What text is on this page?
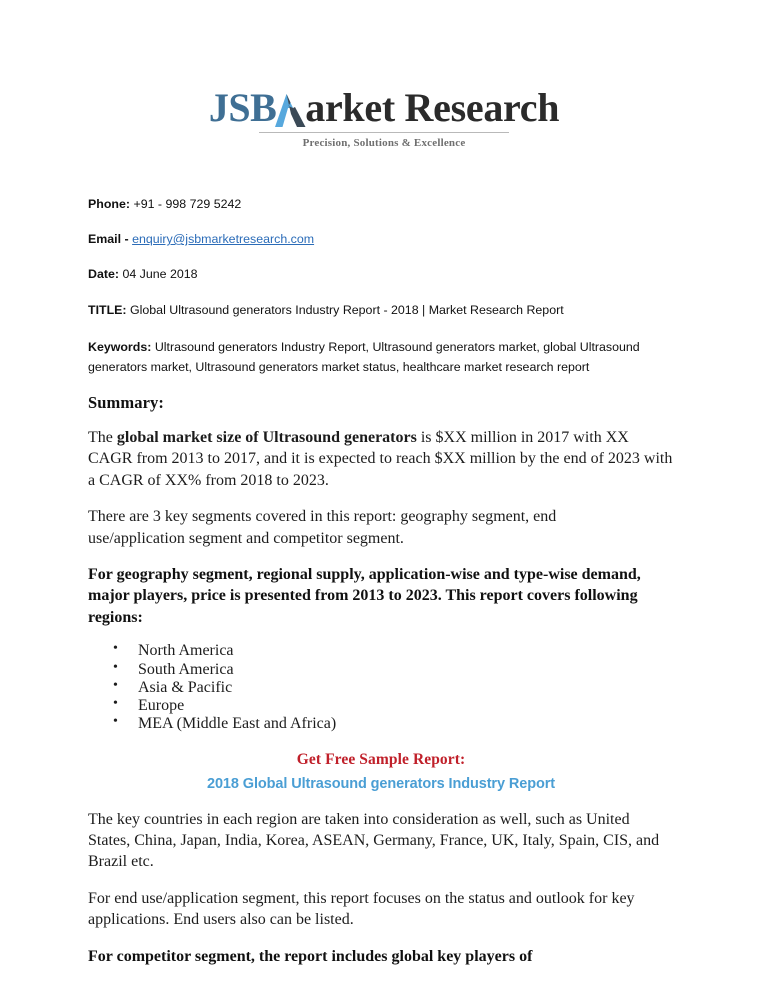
JSB arket Research

Precision, Solutions & Excellence

Phone: +91 - 998 729 5242

Email - enquiry@jsbmarketresearch.com

Date: 04 June 2018

TITLE: Global Ultrasound generators Industry Report - 2018 | Market Research Report

Keywords: Ultrasound generators Industry Report, Ultrasound generators market, global Ultrasound generators market, Ultrasound generators market status, healthcare market research report

Summary:

The global market size of Ultrasound generators is $XX million in 2017 with XX CAGR from 2013 to 2017, and it is expected to reach $XX million by the end of 2023 with a CAGR of XX% from 2018 to 2023.

There are 3 key segments covered in this report: geography segment, end use/application segment and competitor segment.

For geography segment, regional supply, application-wise and type-wise demand, major players, price is presented from 2013 to 2023. This report covers following regions:

• North America
• South America
• Asia & Pacific
• Europe
• MEA (Middle East and Africa)

Get Free Sample Report:

2018 Global Ultrasound generators Industry Report

The key countries in each region are taken into consideration as well, such as United States, China, Japan, India, Korea, ASEAN, Germany, France, UK, Italy, Spain, CIS, and Brazil etc.

For end use/application segment, this report focuses on the status and outlook for key applications. End users also can be listed.

For competitor segment, the report includes global key players of
